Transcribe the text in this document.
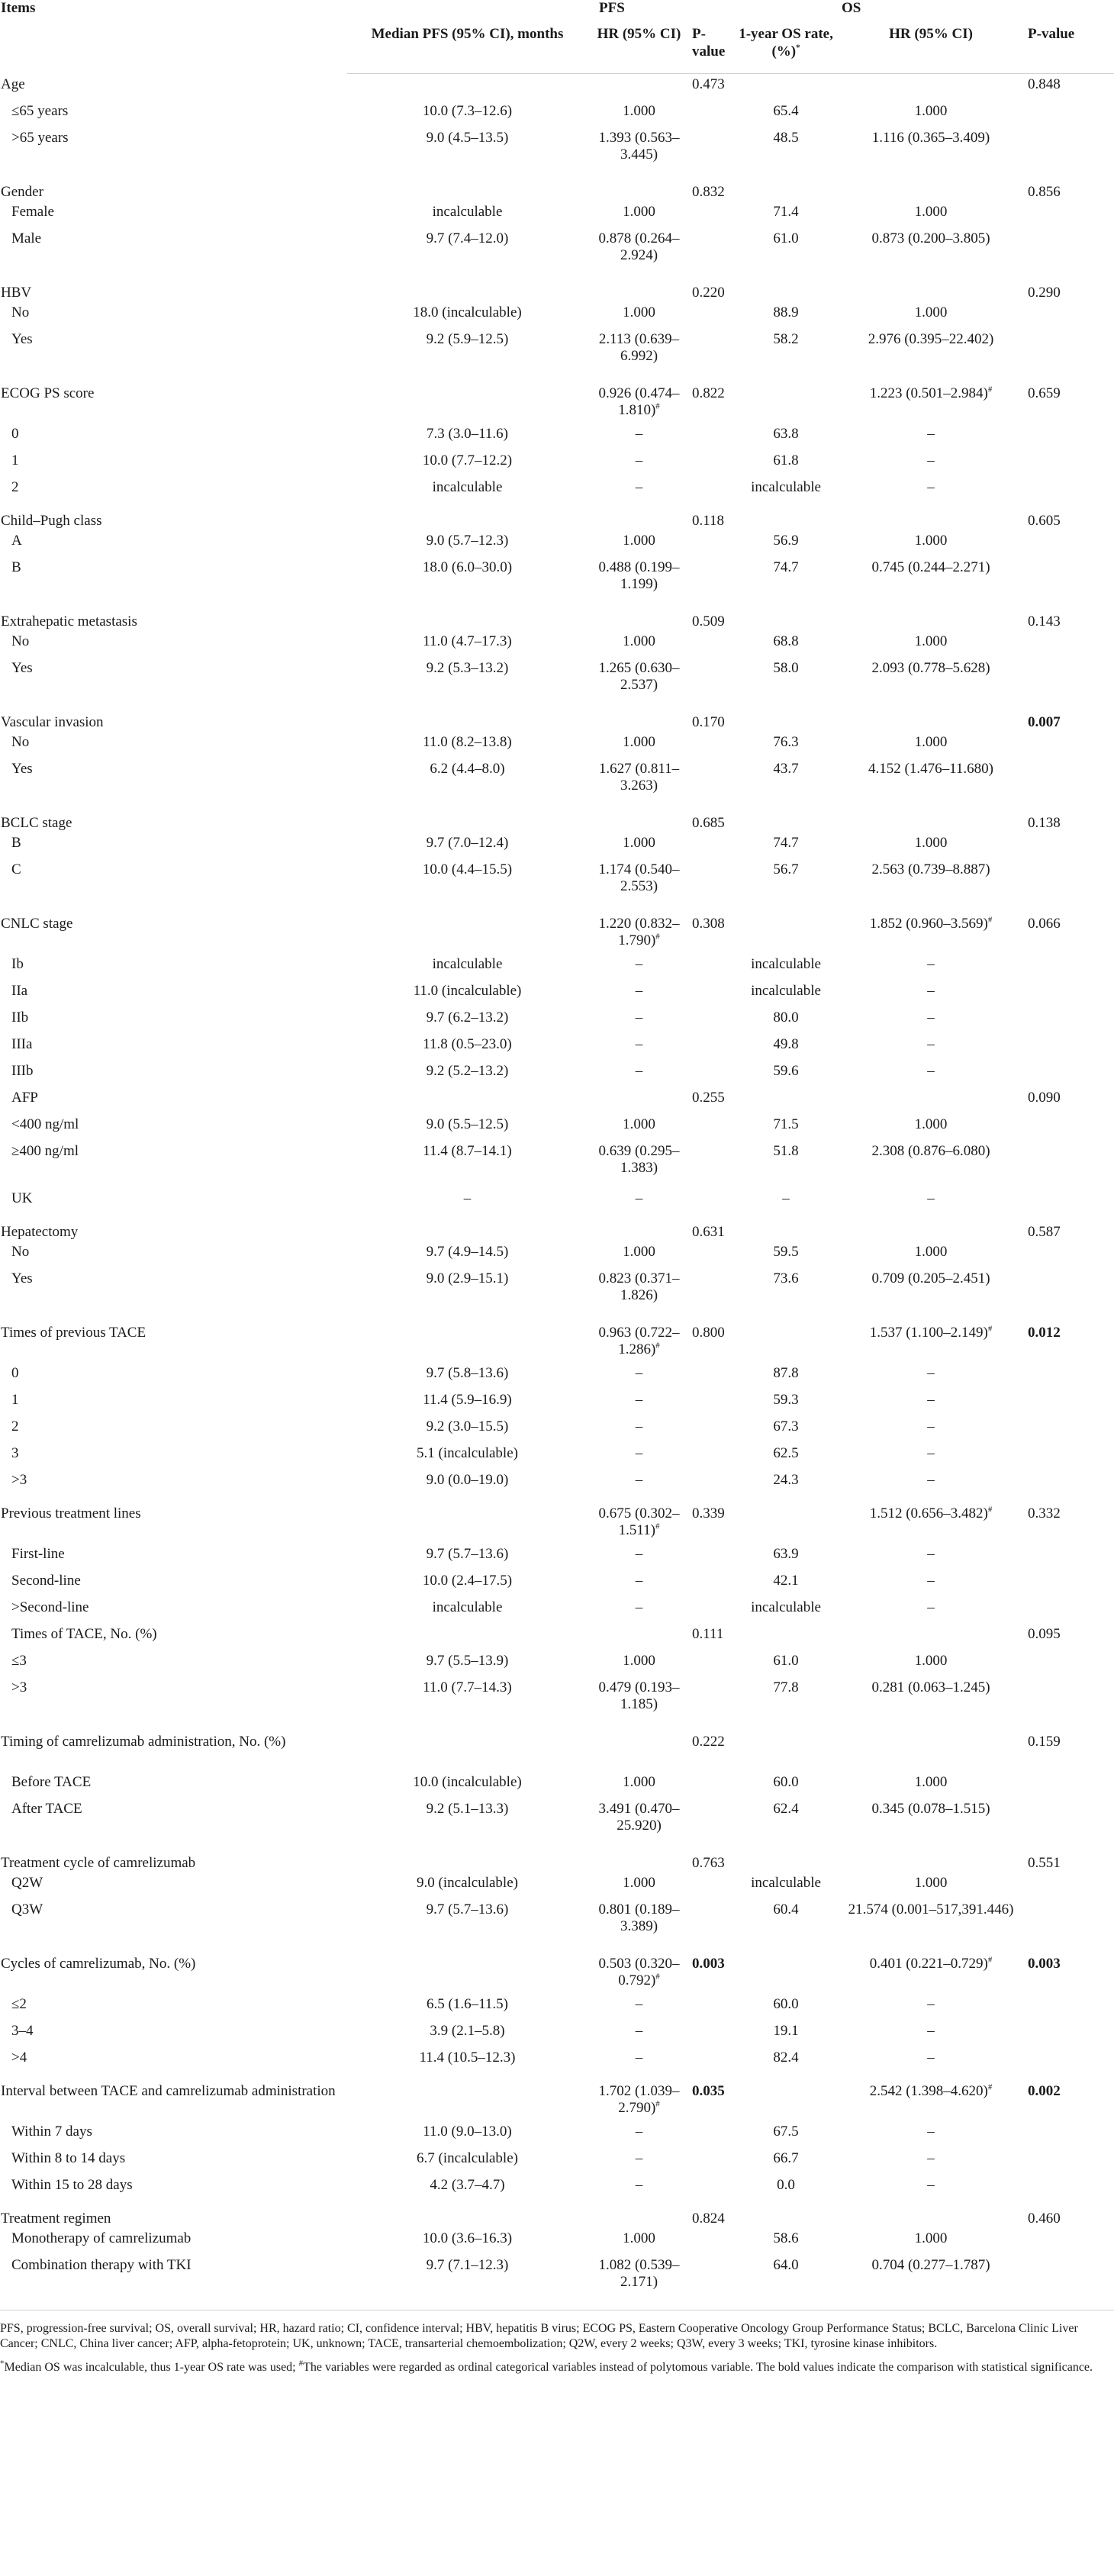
Items	PFS			OS		
	Median PFS (95% CI), months	HR (95% CI)	P-value	1-year OS rate, (%)*	HR (95% CI)	P-value
Age			0.473			0.848
≤65 years	10.0 (7.3–12.6)	1.000		65.4	1.000	
>65 years	9.0 (4.5–13.5)	1.393 (0.563–3.445)		48.5	1.116 (0.365–3.409)	
Gender			0.832			0.856
Female	incalculable	1.000		71.4	1.000	
Male	9.7 (7.4–12.0)	0.878 (0.264–2.924)		61.0	0.873 (0.200–3.805)	
HBV			0.220			0.290
No	18.0 (incalculable)	1.000		88.9	1.000	
Yes	9.2 (5.9–12.5)	2.113 (0.639–6.992)		58.2	2.976 (0.395–22.402)	
ECOG PS score		0.926 (0.474–1.810)#	0.822		1.223 (0.501–2.984)#	0.659
0	7.3 (3.0–11.6)	–		63.8	–	
1	10.0 (7.7–12.2)	–		61.8	–	
2	incalculable	–		incalculable	–	
Child–Pugh class			0.118			0.605
A	9.0 (5.7–12.3)	1.000		56.9	1.000	
B	18.0 (6.0–30.0)	0.488 (0.199–1.199)		74.7	0.745 (0.244–2.271)	
Extrahepatic metastasis			0.509			0.143
No	11.0 (4.7–17.3)	1.000		68.8	1.000	
Yes	9.2 (5.3–13.2)	1.265 (0.630–2.537)		58.0	2.093 (0.778–5.628)	
Vascular invasion			0.170			0.007
No	11.0 (8.2–13.8)	1.000		76.3	1.000	
Yes	6.2 (4.4–8.0)	1.627 (0.811–3.263)		43.7	4.152 (1.476–11.680)	
BCLC stage			0.685			0.138
B	9.7 (7.0–12.4)	1.000		74.7	1.000	
C	10.0 (4.4–15.5)	1.174 (0.540–2.553)		56.7	2.563 (0.739–8.887)	
CNLC stage		1.220 (0.832–1.790)#	0.308		1.852 (0.960–3.569)#	0.066
Ib	incalculable	–		incalculable	–	
IIa	11.0 (incalculable)	–		incalculable	–	
IIb	9.7 (6.2–13.2)	–		80.0	–	
IIIa	11.8 (0.5–23.0)	–		49.8	–	
IIIb	9.2 (5.2–13.2)	–		59.6	–	
AFP			0.255			0.090
<400 ng/ml	9.0 (5.5–12.5)	1.000		71.5	1.000	
≥400 ng/ml	11.4 (8.7–14.1)	0.639 (0.295–1.383)		51.8	2.308 (0.876–6.080)	
UK	–	–		–	–	
Hepatectomy			0.631			0.587
No	9.7 (4.9–14.5)	1.000		59.5	1.000	
Yes	9.0 (2.9–15.1)	0.823 (0.371–1.826)		73.6	0.709 (0.205–2.451)	
Times of previous TACE		0.963 (0.722–1.286)#	0.800		1.537 (1.100–2.149)#	0.012
0	9.7 (5.8–13.6)	–		87.8	–	
1	11.4 (5.9–16.9)	–		59.3	–	
2	9.2 (3.0–15.5)	–		67.3	–	
3	5.1 (incalculable)	–		62.5	–	
>3	9.0 (0.0–19.0)	–		24.3	–	
Previous treatment lines		0.675 (0.302–1.511)#	0.339		1.512 (0.656–3.482)#	0.332
First-line	9.7 (5.7–13.6)	–		63.9	–	
Second-line	10.0 (2.4–17.5)	–		42.1	–	
>Second-line	incalculable	–		incalculable	–	
Times of TACE, No. (%)			0.111			0.095
≤3	9.7 (5.5–13.9)	1.000		61.0	1.000	
>3	11.0 (7.7–14.3)	0.479 (0.193–1.185)		77.8	0.281 (0.063–1.245)	
Timing of camrelizumab administration, No. (%)			0.222			0.159
Before TACE	10.0 (incalculable)	1.000		60.0	1.000	
After TACE	9.2 (5.1–13.3)	3.491 (0.470–25.920)		62.4	0.345 (0.078–1.515)	
Treatment cycle of camrelizumab			0.763			0.551
Q2W	9.0 (incalculable)	1.000		incalculable	1.000	
Q3W	9.7 (5.7–13.6)	0.801 (0.189–3.389)		60.4	21.574 (0.001–517,391.446)	
Cycles of camrelizumab, No. (%)		0.503 (0.320–0.792)#	0.003		0.401 (0.221–0.729)#	0.003
≤2	6.5 (1.6–11.5)	–		60.0	–	
3–4	3.9 (2.1–5.8)	–		19.1	–	
>4	11.4 (10.5–12.3)	–		82.4	–	
Interval between TACE and camrelizumab administration		1.702 (1.039–2.790)#	0.035		2.542 (1.398–4.620)#	0.002
Within 7 days	11.0 (9.0–13.0)	–		67.5	–	
Within 8 to 14 days	6.7 (incalculable)	–		66.7	–	
Within 15 to 28 days	4.2 (3.7–4.7)	–		0.0	–	
Treatment regimen			0.824			0.460
Monotherapy of camrelizumab	10.0 (3.6–16.3)	1.000		58.6	1.000	
Combination therapy with TKI	9.7 (7.1–12.3)	1.082 (0.539–2.171)		64.0	0.704 (0.277–1.787)	

PFS, progression-free survival; OS, overall survival; HR, hazard ratio; CI, confidence interval; HBV, hepatitis B virus; ECOG PS, Eastern Cooperative Oncology Group Performance Status; BCLC, Barcelona Clinic Liver Cancer; CNLC, China liver cancer; AFP, alpha-fetoprotein; UK, unknown; TACE, transarterial chemoembolization; Q2W, every 2 weeks; Q3W, every 3 weeks; TKI, tyrosine kinase inhibitors.

*Median OS was incalculable, thus 1-year OS rate was used; #The variables were regarded as ordinal categorical variables instead of polytomous variable. The bold values indicate the comparison with statistical significance.
